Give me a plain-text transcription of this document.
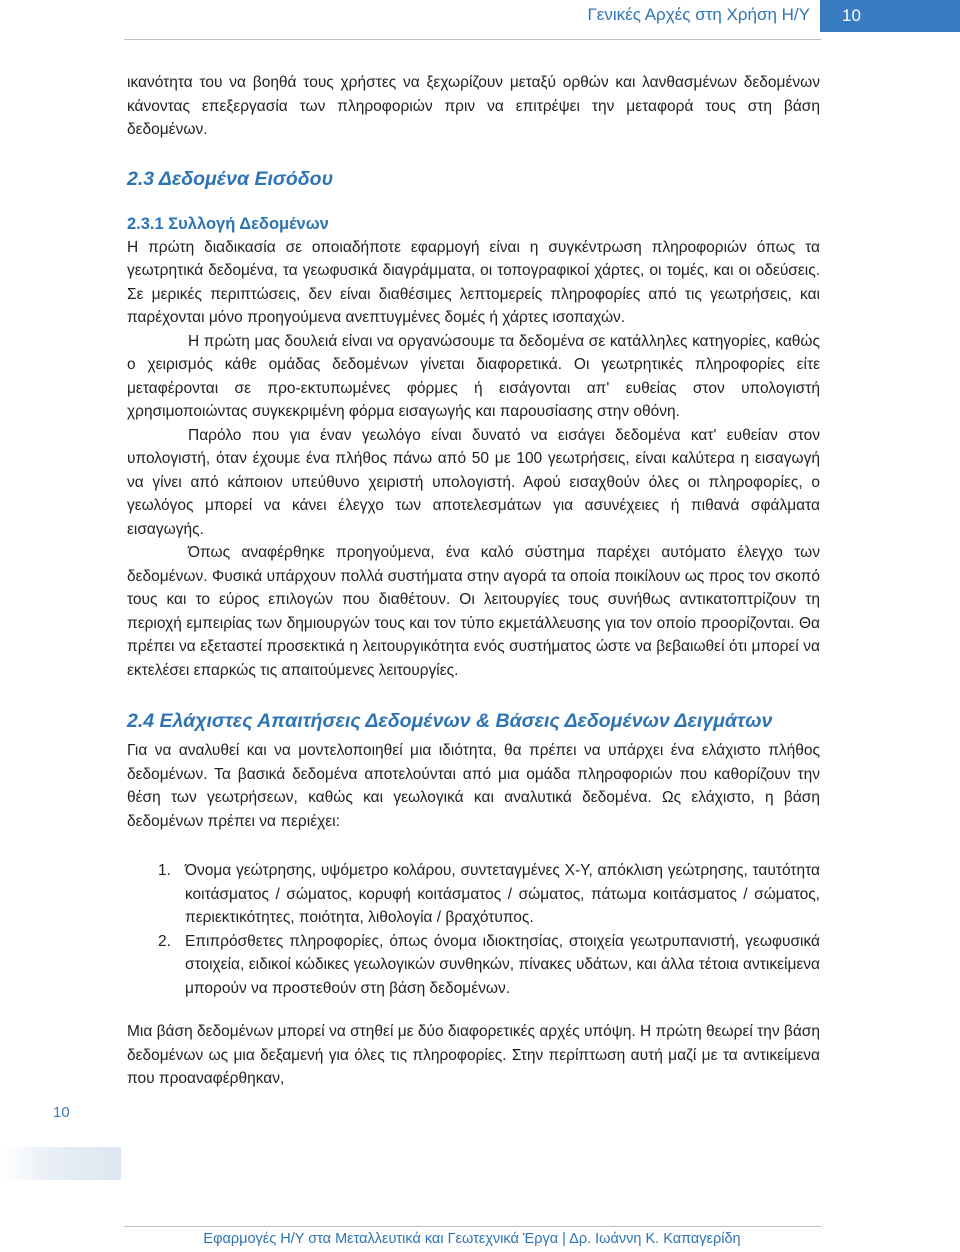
Γενικές Αρχές στη Χρήση Η/Υ	10

ικανότητα του να βοηθά τους χρήστες να ξεχωρίζουν μεταξύ ορθών και λανθασμένων δεδομένων κάνοντας επεξεργασία των πληροφοριών πριν να επιτρέψει την μεταφορά τους στη βάση δεδομένων.

2.3 Δεδομένα Εισόδου

2.3.1 Συλλογή Δεδομένων

Η πρώτη διαδικασία σε οποιαδήποτε εφαρμογή είναι η συγκέντρωση πληροφοριών όπως τα γεωτρητικά δεδομένα, τα γεωφυσικά διαγράμματα, οι τοπογραφικοί χάρτες, οι τομές, και οι οδεύσεις. Σε μερικές περιπτώσεις, δεν είναι διαθέσιμες λεπτομερείς πληροφορίες από τις γεωτρήσεις, και παρέχονται μόνο προηγούμενα ανεπτυγμένες δομές ή χάρτες ισοπαχών.

Η πρώτη μας δουλειά είναι να οργανώσουμε τα δεδομένα σε κατάλληλες κατηγορίες, καθώς ο χειρισμός κάθε ομάδας δεδομένων γίνεται διαφορετικά. Οι γεωτρητικές πληροφορίες είτε μεταφέρονται σε προ-εκτυπωμένες φόρμες ή εισάγονται απ' ευθείας στον υπολογιστή χρησιμοποιώντας συγκεκριμένη φόρμα εισαγωγής και παρουσίασης στην οθόνη.

Παρόλο που για έναν γεωλόγο είναι δυνατό να εισάγει δεδομένα κατ' ευθείαν στον υπολογιστή, όταν έχουμε ένα πλήθος πάνω από 50 με 100 γεωτρήσεις, είναι καλύτερα η εισαγωγή να γίνει από κάποιον υπεύθυνο χειριστή υπολογιστή. Αφού εισαχθούν όλες οι πληροφορίες, ο γεωλόγος μπορεί να κάνει έλεγχο των αποτελεσμάτων για ασυνέχειες ή πιθανά σφάλματα εισαγωγής.

Όπως αναφέρθηκε προηγούμενα, ένα καλό σύστημα παρέχει αυτόματο έλεγχο των δεδομένων. Φυσικά υπάρχουν πολλά συστήματα στην αγορά τα οποία ποικίλουν ως προς τον σκοπό τους και το εύρος επιλογών που διαθέτουν. Οι λειτουργίες τους συνήθως αντικατοπτρίζουν τη περιοχή εμπειρίας των δημιουργών τους και τον τύπο εκμετάλλευσης για τον οποίο προορίζονται. Θα πρέπει να εξεταστεί προσεκτικά η λειτουργικότητα ενός συστήματος ώστε να βεβαιωθεί ότι μπορεί να εκτελέσει επαρκώς τις απαιτούμενες λειτουργίες.

2.4 Ελάχιστες Απαιτήσεις Δεδομένων & Βάσεις Δεδομένων Δειγμάτων

Για να αναλυθεί και να μοντελοποιηθεί μια ιδιότητα, θα πρέπει να υπάρχει ένα ελάχιστο πλήθος δεδομένων. Τα βασικά δεδομένα αποτελούνται από μια ομάδα πληροφοριών που καθορίζουν την θέση των γεωτρήσεων, καθώς και γεωλογικά και αναλυτικά δεδομένα. Ως ελάχιστο, η βάση δεδομένων πρέπει να περιέχει:

1. Όνομα γεώτρησης, υψόμετρο κολάρου, συντεταγμένες Χ-Υ, απόκλιση γεώτρησης, ταυτότητα κοιτάσματος / σώματος, κορυφή κοιτάσματος / σώματος, πάτωμα κοιτάσματος / σώματος, περιεκτικότητες, ποιότητα, λιθολογία / βραχότυπος.
2. Επιπρόσθετες πληροφορίες, όπως όνομα ιδιοκτησίας, στοιχεία γεωτρυπανιστή, γεωφυσικά στοιχεία, ειδικοί κώδικες γεωλογικών συνθηκών, πίνακες υδάτων, και άλλα τέτοια αντικείμενα μπορούν να προστεθούν στη βάση δεδομένων.

Μια βάση δεδομένων μπορεί να στηθεί με δύο διαφορετικές αρχές υπόψη. Η πρώτη θεωρεί την βάση δεδομένων ως μια δεξαμενή για όλες τις πληροφορίες. Στην περίπτωση αυτή μαζί με τα αντικείμενα που προαναφέρθηκαν,

10
Εφαρμογές Η/Υ στα Μεταλλευτικά και Γεωτεχνικά Έργα | Δρ. Ιωάννη Κ. Καπαγερίδη
